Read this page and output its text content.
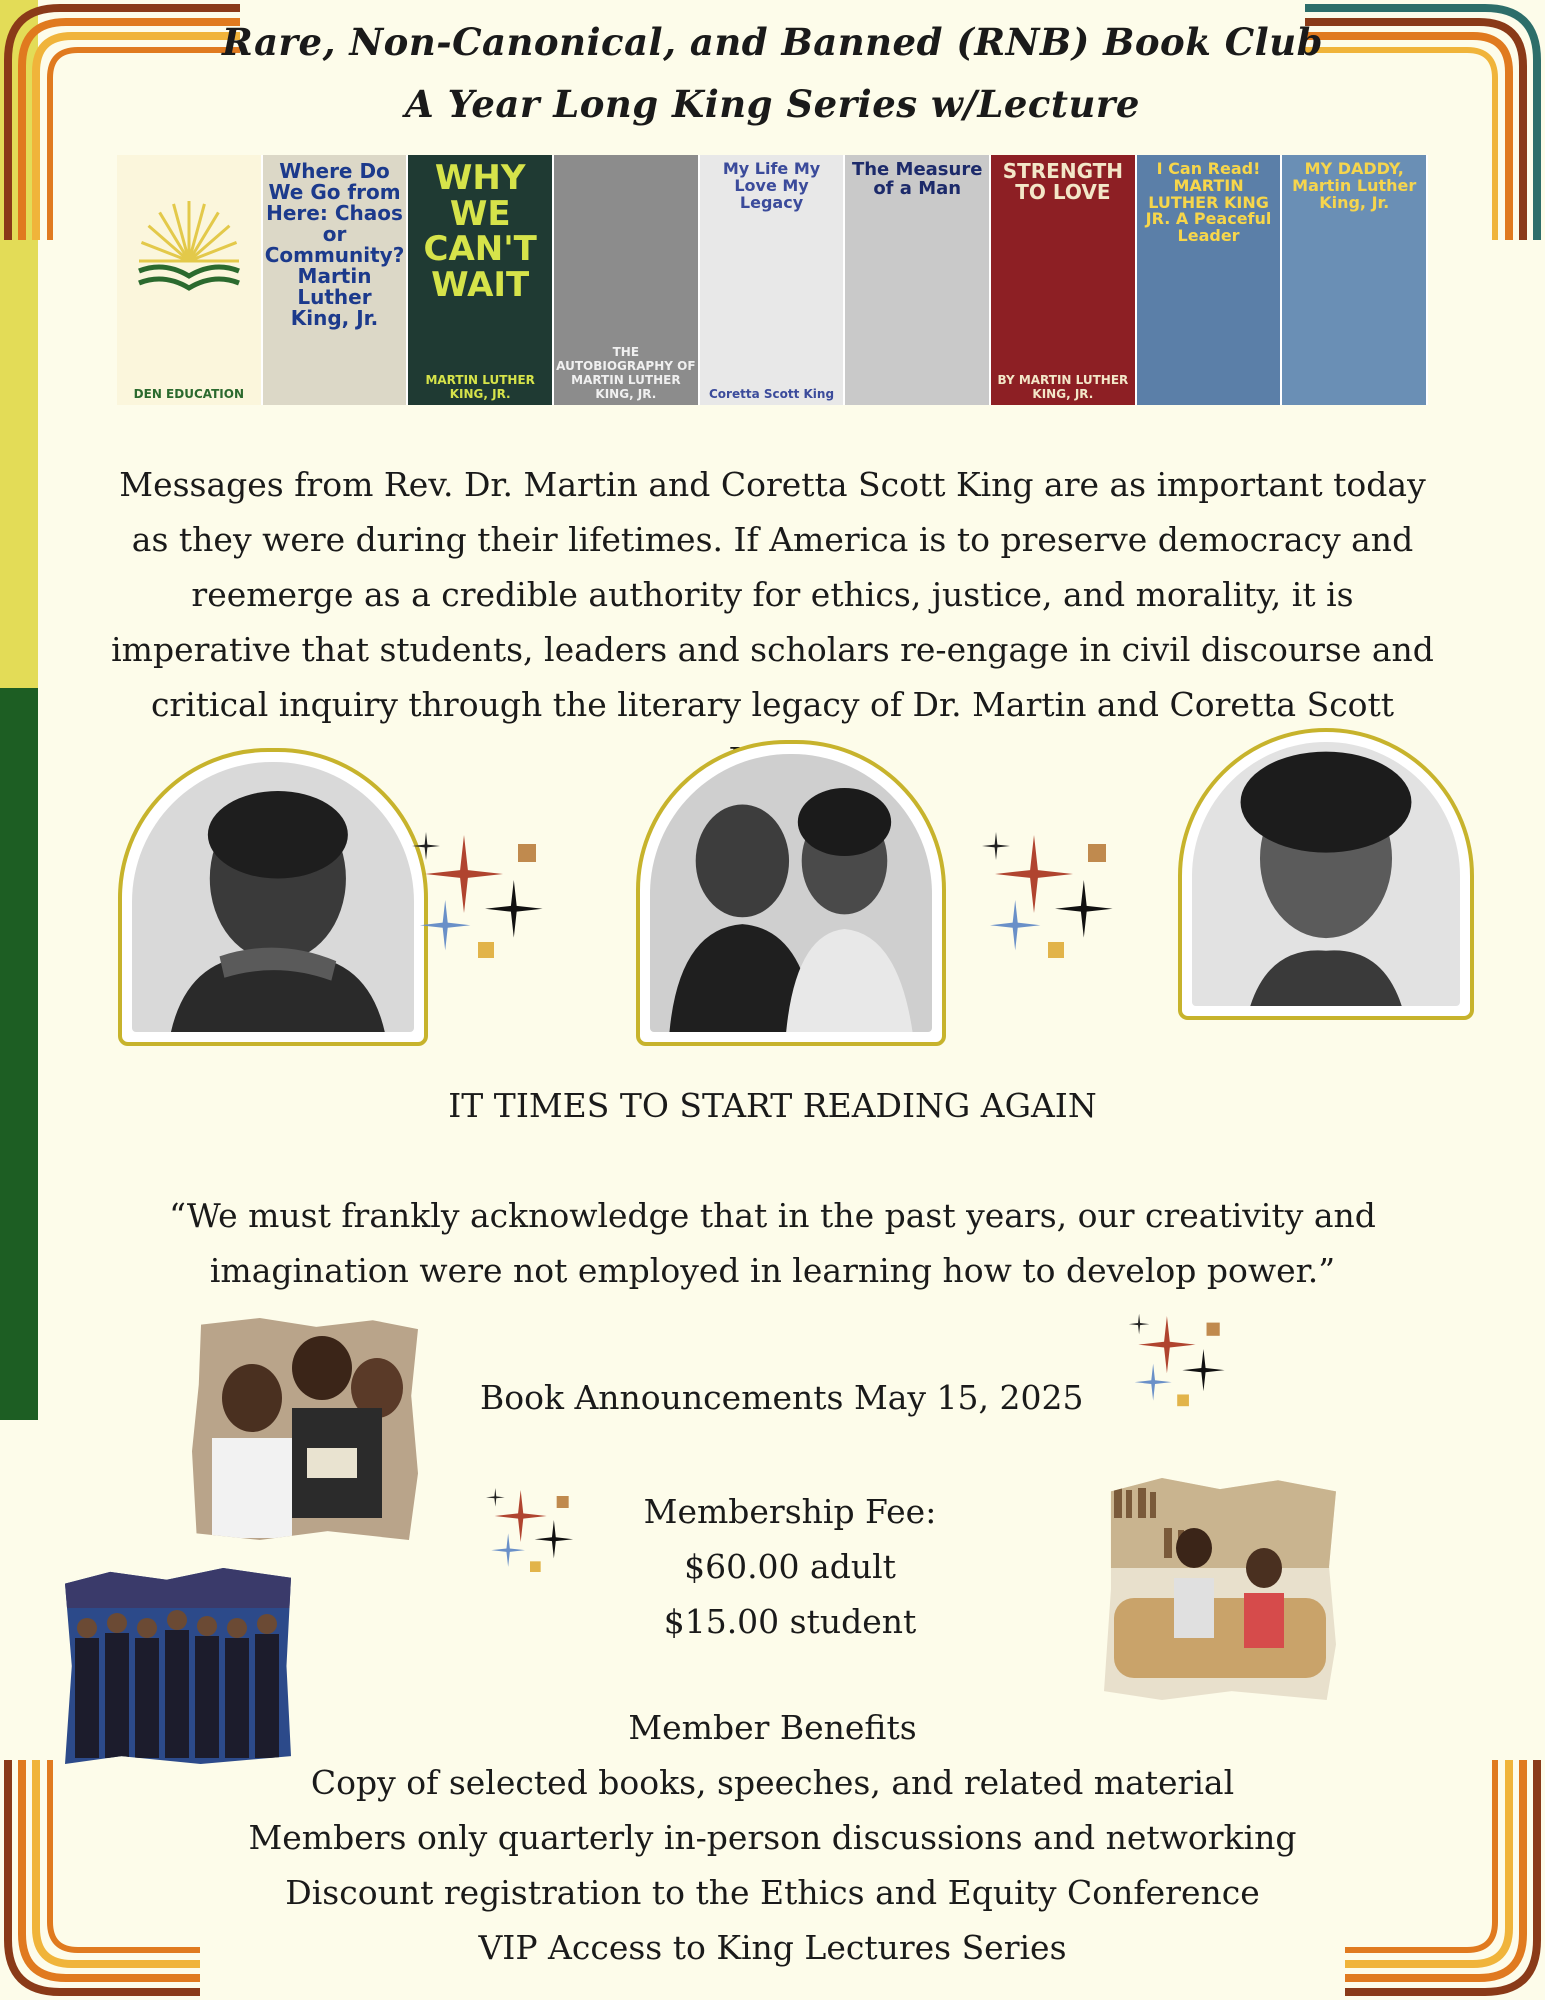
Rare, Non-Canonical, and Banned (RNB) Book Club
A Year Long King Series w/Lecture
DEN EDUCATION
Where Do We Go from Here: Chaos or Community? Martin Luther King, Jr.
WHY WE CAN'T WAIT
MARTIN LUTHER KING, JR.
THE AUTOBIOGRAPHY OF MARTIN LUTHER KING, JR.
My Life My Love My Legacy
Coretta Scott King
The Measure of a Man
STRENGTH TO LOVE
BY MARTIN LUTHER KING, JR.
I Can Read! MARTIN LUTHER KING JR. A Peaceful Leader
MY DADDY, Martin Luther King, Jr.
Messages from Rev. Dr. Martin and Coretta Scott King are as important today as they were during their lifetimes. If America is to preserve democracy and reemerge as a credible authority for ethics, justice, and morality, it is imperative that students, leaders and scholars re-engage in civil discourse and critical inquiry through the literary legacy of Dr. Martin and Coretta Scott
IT TIMES TO START READING AGAIN
“We must frankly acknowledge that in the past years, our creativity and imagination were not employed in learning how to develop power.”
Book Announcements May 15, 2025
Membership Fee:
$60.00 adult
$15.00 student
Member Benefits
Copy of selected books, speeches, and related material
Members only quarterly in-person discussions and networking
Discount registration to the Ethics and Equity Conference
VIP Access to King Lectures Series
